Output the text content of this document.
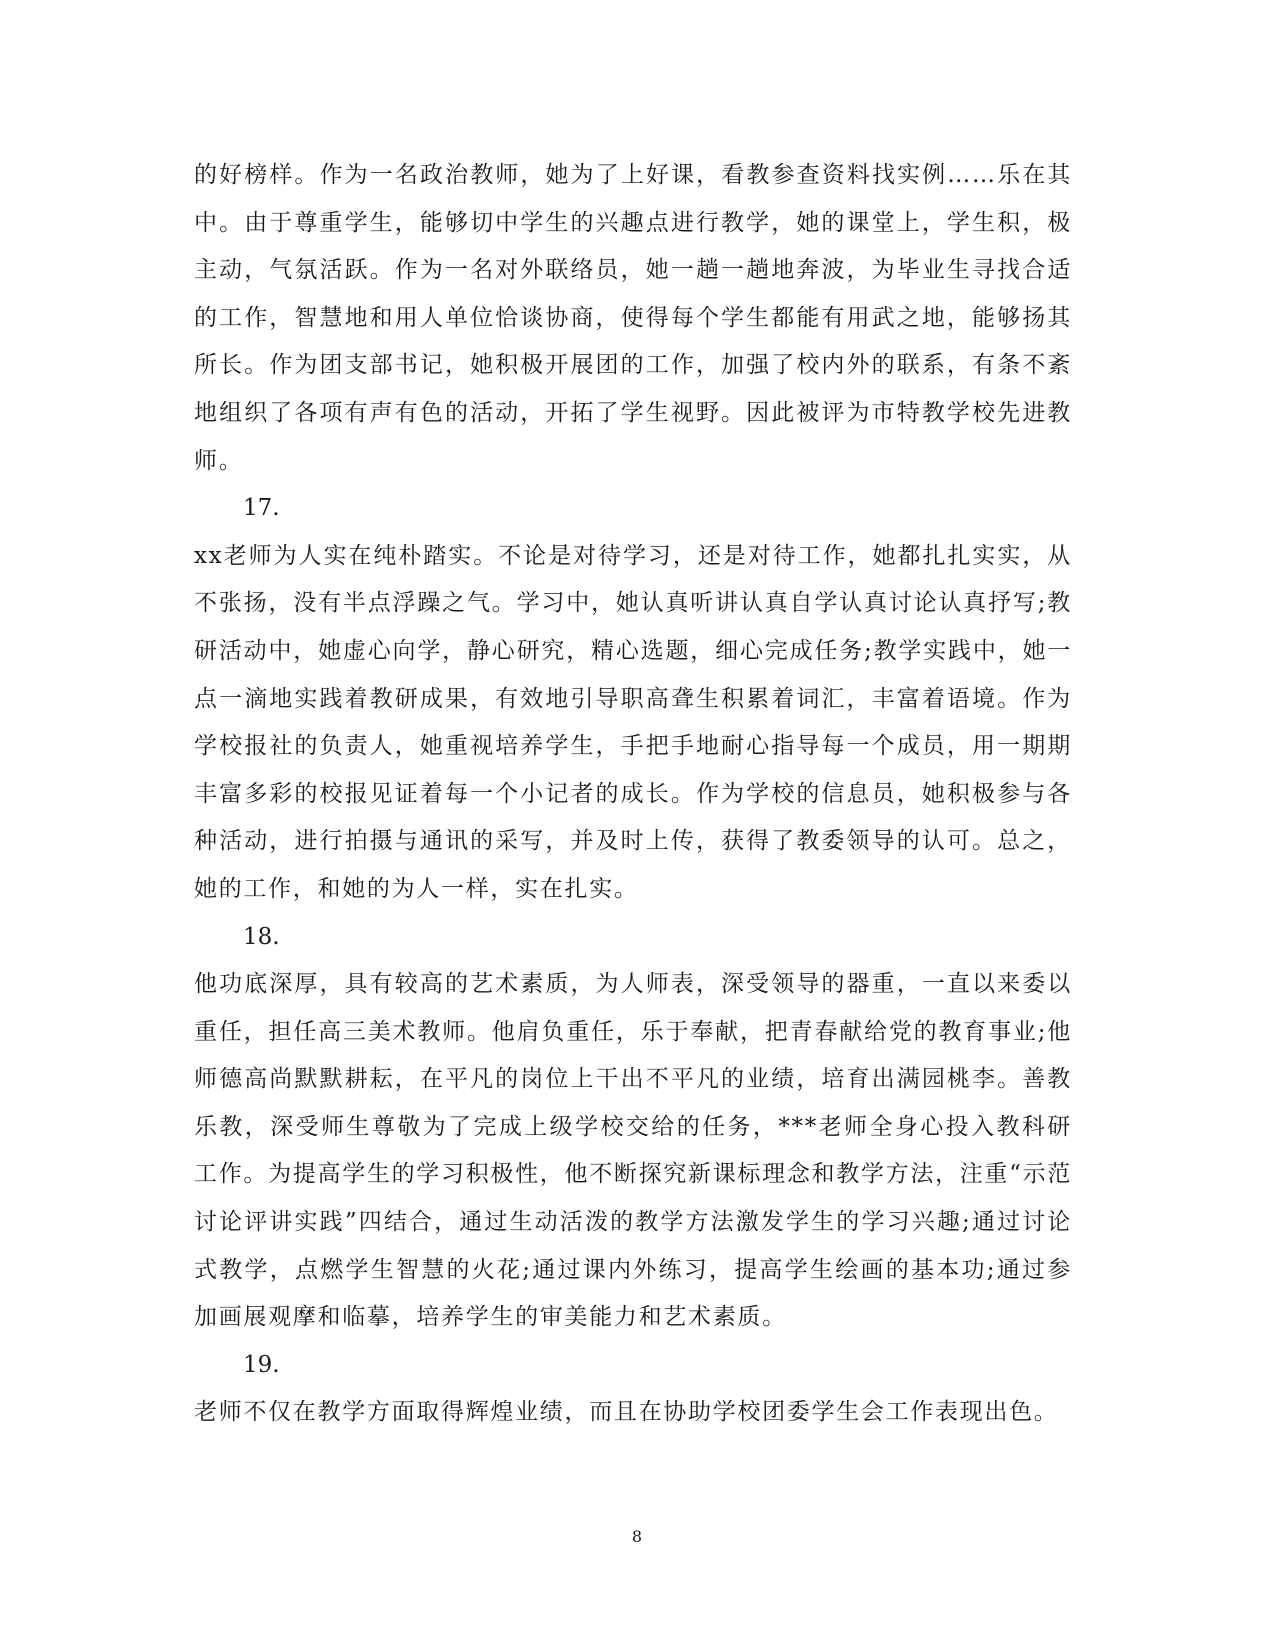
的好榜样。作为一名政治教师，她为了上好课，看教参查资料找实例……乐在其中。由于尊重学生，能够切中学生的兴趣点进行教学，她的课堂上，学生积，极主动，气氛活跃。作为一名对外联络员，她一趟一趟地奔波，为毕业生寻找合适的工作，智慧地和用人单位恰谈协商，使得每个学生都能有用武之地，能够扬其所长。作为团支部书记，她积极开展团的工作，加强了校内外的联系，有条不紊地组织了各项有声有色的活动，开拓了学生视野。因此被评为市特教学校先进教师。

17.

xx老师为人实在纯朴踏实。不论是对待学习，还是对待工作，她都扎扎实实，从不张扬，没有半点浮躁之气。学习中，她认真听讲认真自学认真讨论认真抒写;教研活动中，她虚心向学，静心研究，精心选题，细心完成任务;教学实践中，她一点一滴地实践着教研成果，有效地引导职高聋生积累着词汇，丰富着语境。作为学校报社的负责人，她重视培养学生，手把手地耐心指导每一个成员，用一期期丰富多彩的校报见证着每一个小记者的成长。作为学校的信息员，她积极参与各种活动，进行拍摄与通讯的采写，并及时上传，获得了教委领导的认可。总之，她的工作，和她的为人一样，实在扎实。

18.

他功底深厚，具有较高的艺术素质，为人师表，深受领导的器重，一直以来委以重任，担任高三美术教师。他肩负重任，乐于奉献，把青春献给党的教育事业;他师德高尚默默耕耘，在平凡的岗位上干出不平凡的业绩，培育出满园桃李。善教乐教，深受师生尊敬为了完成上级学校交给的任务，***老师全身心投入教科研工作。为提高学生的学习积极性，他不断探究新课标理念和教学方法，注重“示范讨论评讲实践”四结合，通过生动活泼的教学方法激发学生的学习兴趣;通过讨论式教学，点燃学生智慧的火花;通过课内外练习，提高学生绘画的基本功;通过参加画展观摩和临摹，培养学生的审美能力和艺术素质。

19.

老师不仅在教学方面取得辉煌业绩，而且在协助学校团委学生会工作表现出色。

8
